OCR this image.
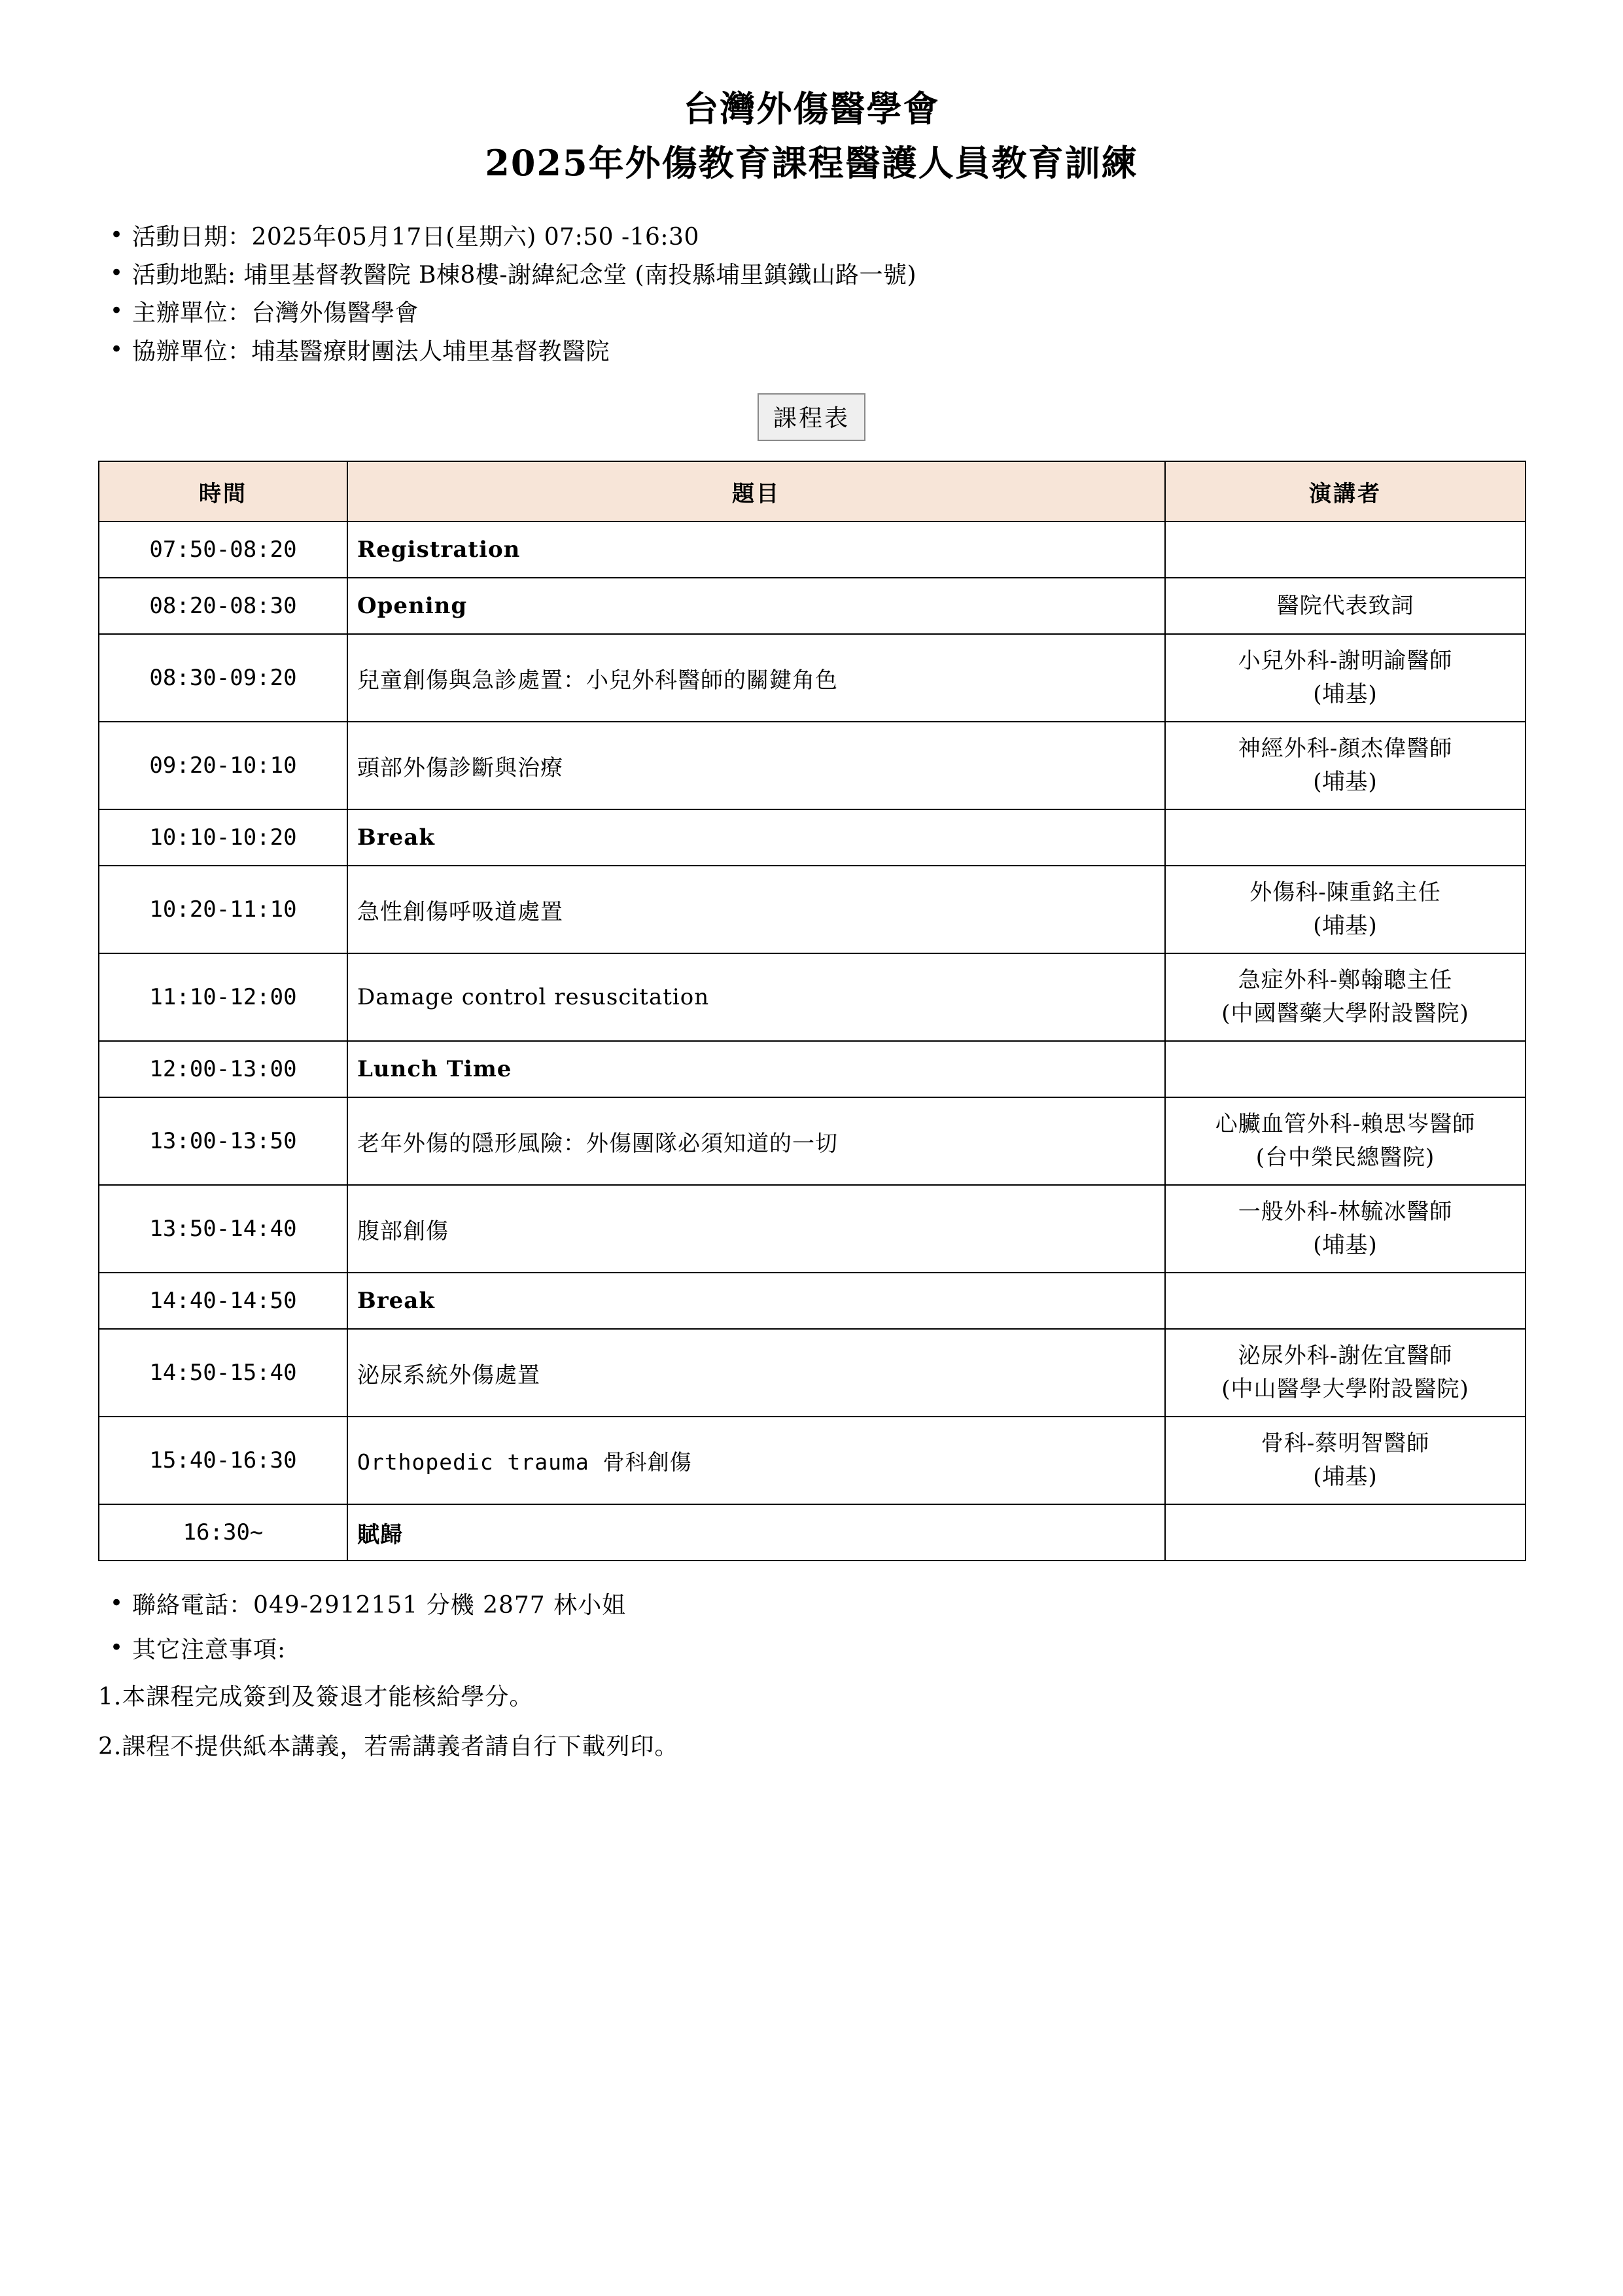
台灣外傷醫學會
2025年外傷教育課程醫護人員教育訓練
• 活動日期：2025年05月17日(星期六) 07:50 -16:30
• 活動地點: 埔里基督教醫院 B棟8樓-謝緯紀念堂 (南投縣埔里鎮鐵山路一號)
• 主辦單位：台灣外傷醫學會
• 協辦單位：埔基醫療財團法人埔里基督教醫院
課程表
時間	題目	演講者
07:50-08:20	Registration	

08:20-08:30	Opening	醫院代表致詞

08:30-09:20	兒童創傷與急診處置：小兒外科醫師的關鍵角色	小兒外科-謝明諭醫師
(埔基)

09:20-10:10	頭部外傷診斷與治療	神經外科-顏杰偉醫師
(埔基)

10:10-10:20	Break	

10:20-11:10	急性創傷呼吸道處置	外傷科-陳重銘主任
(埔基)

11:10-12:00	Damage control resuscitation	急症外科-鄭翰聰主任
(中國醫藥大學附設醫院)

12:00-13:00	Lunch Time	

13:00-13:50	老年外傷的隱形風險：外傷團隊必須知道的一切	心臟血管外科-賴思岑醫師
(台中榮民總醫院)

13:50-14:40	腹部創傷	一般外科-林毓冰醫師
(埔基)

14:40-14:50	Break	

14:50-15:40	泌尿系統外傷處置	泌尿外科-謝佐宜醫師
(中山醫學大學附設醫院)

15:40-16:30	Orthopedic trauma 骨科創傷	骨科-蔡明智醫師
(埔基)

16:30~	賦歸	
• 聯絡電話：049-2912151 分機 2877 林小姐
• 其它注意事項:

1.本課程完成簽到及簽退才能核給學分。

2.課程不提供紙本講義，若需講義者請自行下載列印。
